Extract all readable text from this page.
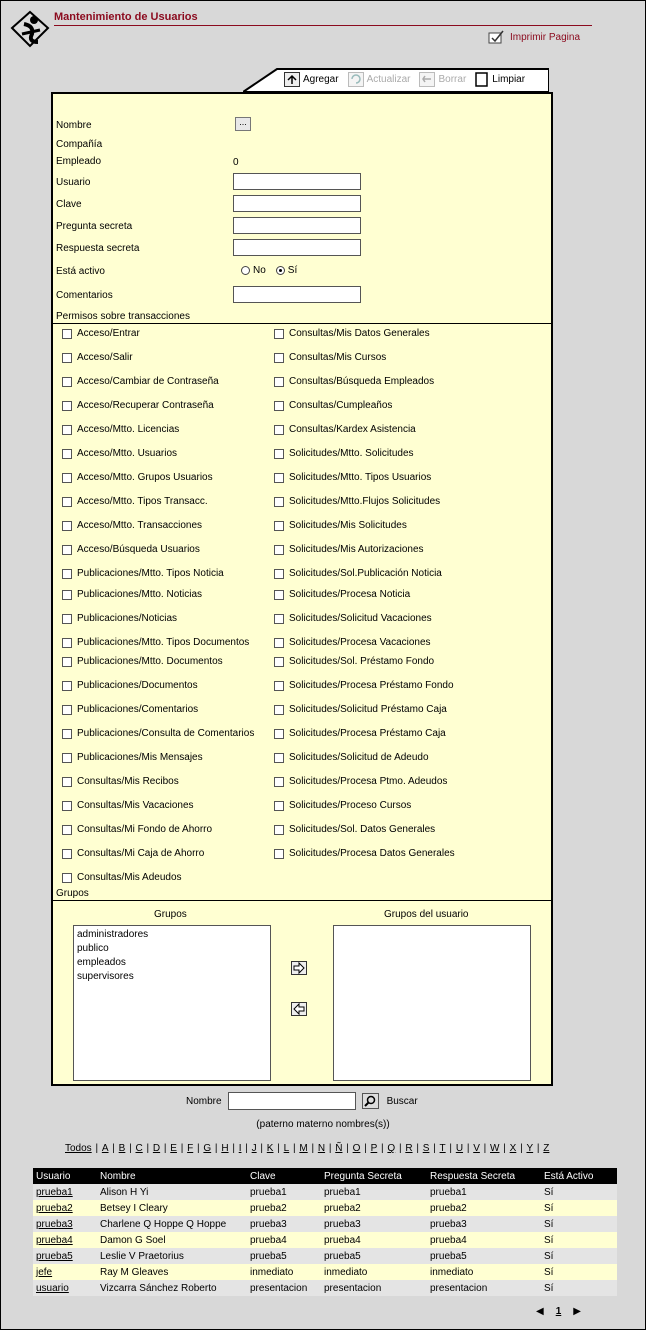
Mantenimiento de Usuarios
Imprimir Pagina
Agregar	Actualizar	Borrar	Limpiar
Nombre	...
Compañía
Empleado	0
Usuario
Clave
Pregunta secreta
Respuesta secreta
Está activo	No Sí
Comentarios
Permisos sobre transacciones
Acceso/Entrar
Acceso/Salir
Acceso/Cambiar de Contraseña
Acceso/Recuperar Contraseña
Acceso/Mtto. Licencias
Acceso/Mtto. Usuarios
Acceso/Mtto. Grupos Usuarios
Acceso/Mtto. Tipos Transacc.
Acceso/Mtto. Transacciones
Acceso/Búsqueda Usuarios
Publicaciones/Mtto. Tipos Noticia
Publicaciones/Mtto. Noticias
Publicaciones/Noticias
Publicaciones/Mtto. Tipos Documentos
Publicaciones/Mtto. Documentos
Publicaciones/Documentos
Publicaciones/Comentarios
Publicaciones/Consulta de Comentarios
Publicaciones/Mis Mensajes
Consultas/Mis Recibos
Consultas/Mis Vacaciones
Consultas/Mi Fondo de Ahorro
Consultas/Mi Caja de Ahorro
Consultas/Mis Adeudos
Consultas/Mis Datos Generales
Consultas/Mis Cursos
Consultas/Búsqueda Empleados
Consultas/Cumpleaños
Consultas/Kardex Asistencia
Solicitudes/Mtto. Solicitudes
Solicitudes/Mtto. Tipos Usuarios
Solicitudes/Mtto.Flujos Solicitudes
Solicitudes/Mis Solicitudes
Solicitudes/Mis Autorizaciones
Solicitudes/Sol.Publicación Noticia
Solicitudes/Procesa Noticia
Solicitudes/Solicitud Vacaciones
Solicitudes/Procesa Vacaciones
Solicitudes/Sol. Préstamo Fondo
Solicitudes/Procesa Préstamo Fondo
Solicitudes/Solicitud Préstamo Caja
Solicitudes/Procesa Préstamo Caja
Solicitudes/Solicitud de Adeudo
Solicitudes/Procesa Ptmo. Adeudos
Solicitudes/Proceso Cursos
Solicitudes/Sol. Datos Generales
Solicitudes/Procesa Datos Generales
Grupos
Grupos	Grupos del usuario
administradores
publico
empleados
supervisores
Nombre	Buscar
(paterno materno nombres(s))
Todos | A | B | C | D | E | F | G | H | I | J | K | L | M | N | Ñ | O | P | Q | R | S | T | U | V | W | X | Y | Z
Usuario	Nombre	Clave	Pregunta Secreta	Respuesta Secreta	Está Activo
prueba1	Alison H Yi	prueba1	prueba1	prueba1	Sí
prueba2	Betsey I Cleary	prueba2	prueba2	prueba2	Sí
prueba3	Charlene Q Hoppe Q Hoppe	prueba3	prueba3	prueba3	Sí
prueba4	Damon G Soel	prueba4	prueba4	prueba4	Sí
prueba5	Leslie V Praetorius	prueba5	prueba5	prueba5	Sí
jefe	Ray M Gleaves	inmediato	inmediato	inmediato	Sí
usuario	Vizcarra Sánchez Roberto	presentacion	presentacion	presentacion	Sí
◀ 1 ▶
